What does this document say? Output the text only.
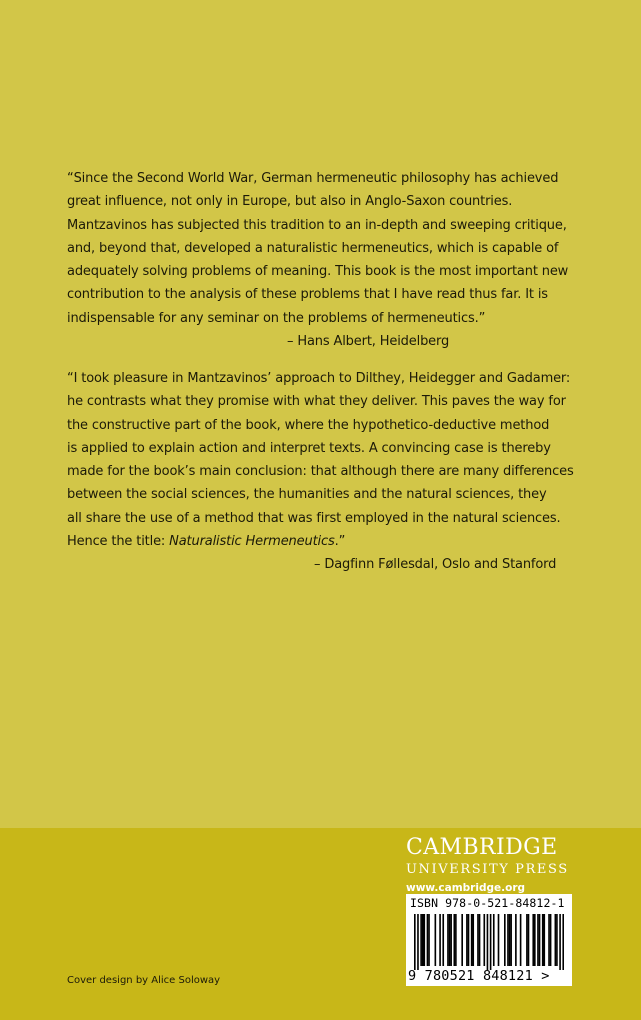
“Since the Second World War, German hermeneutic philosophy has achieved
great influence, not only in Europe, but also in Anglo-Saxon countries.
Mantzavinos has subjected this tradition to an in-depth and sweeping critique,
and, beyond that, developed a naturalistic hermeneutics, which is capable of
adequately solving problems of meaning. This book is the most important new
contribution to the analysis of these problems that I have read thus far. It is
indispensable for any seminar on the problems of hermeneutics.”
– Hans Albert, Heidelberg
“I took pleasure in Mantzavinos’ approach to Dilthey, Heidegger and Gadamer:
he contrasts what they promise with what they deliver. This paves the way for
the constructive part of the book, where the hypothetico-deductive method
is applied to explain action and interpret texts. A convincing case is thereby
made for the book’s main conclusion: that although there are many differences
between the social sciences, the humanities and the natural sciences, they
all share the use of a method that was first employed in the natural sciences.
Hence the title: Naturalistic Hermeneutics.”
– Dagfinn Føllesdal, Oslo and Stanford
CAMBRIDGE
UNIVERSITY PRESS
www.cambridge.org
ISBN 978-0-521-84812-1
9 780521 848121 >
Cover design by Alice Soloway
